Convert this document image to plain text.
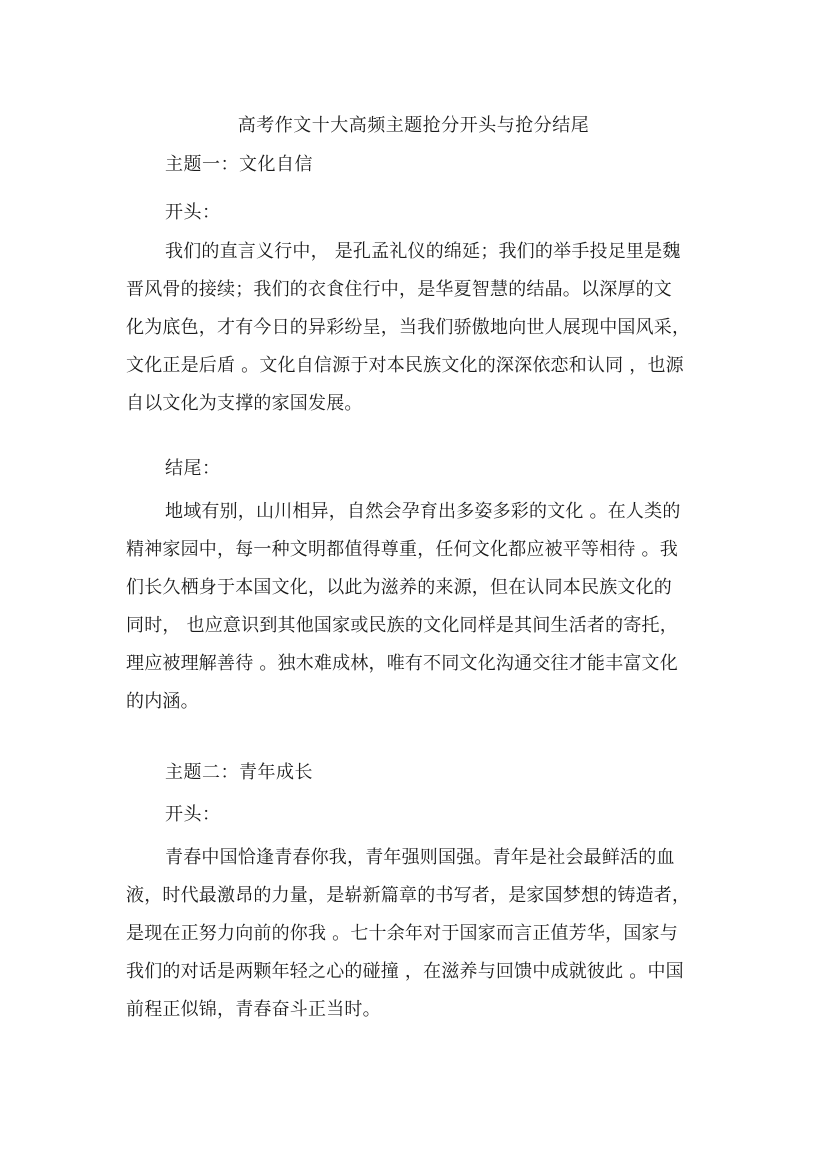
高考作文十大高频主题抢分开头与抢分结尾
主题一：文化自信
开头：
我们的直言义行中， 是孔孟礼仪的绵延；我们的举手投足里是魏
晋风骨的接续；我们的衣食住行中，是华夏智慧的结晶。以深厚的文
化为底色，才有今日的异彩纷呈，当我们骄傲地向世人展现中国风采，
文化正是后盾 。文化自信源于对本民族文化的深深依恋和认同 ，也源
自以文化为支撑的家国发展。
结尾：
地域有别，山川相异，自然会孕育出多姿多彩的文化 。在人类的
精神家园中，每一种文明都值得尊重，任何文化都应被平等相待 。我
们长久栖身于本国文化，以此为滋养的来源，但在认同本民族文化的
同时， 也应意识到其他国家或民族的文化同样是其间生活者的寄托，
理应被理解善待 。独木难成林，唯有不同文化沟通交往才能丰富文化
的内涵。
主题二：青年成长
开头：
青春中国恰逢青春你我，青年强则国强。青年是社会最鲜活的血
液，时代最激昂的力量，是崭新篇章的书写者，是家国梦想的铸造者，
是现在正努力向前的你我 。七十余年对于国家而言正值芳华，国家与
我们的对话是两颗年轻之心的碰撞 ，在滋养与回馈中成就彼此 。中国
前程正似锦，青春奋斗正当时。
